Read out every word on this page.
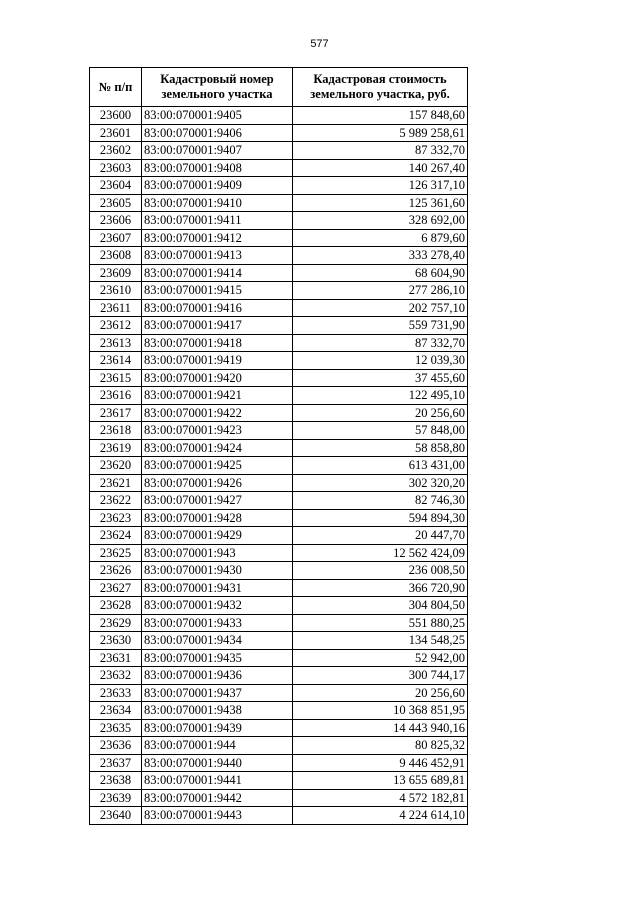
577
№ п/п	Кадастровый номер земельного участка	Кадастровая стоимость земельного участка, руб.
23600	83:00:070001:9405	157 848,60
23601	83:00:070001:9406	5 989 258,61
23602	83:00:070001:9407	87 332,70
23603	83:00:070001:9408	140 267,40
23604	83:00:070001:9409	126 317,10
23605	83:00:070001:9410	125 361,60
23606	83:00:070001:9411	328 692,00
23607	83:00:070001:9412	6 879,60
23608	83:00:070001:9413	333 278,40
23609	83:00:070001:9414	68 604,90
23610	83:00:070001:9415	277 286,10
23611	83:00:070001:9416	202 757,10
23612	83:00:070001:9417	559 731,90
23613	83:00:070001:9418	87 332,70
23614	83:00:070001:9419	12 039,30
23615	83:00:070001:9420	37 455,60
23616	83:00:070001:9421	122 495,10
23617	83:00:070001:9422	20 256,60
23618	83:00:070001:9423	57 848,00
23619	83:00:070001:9424	58 858,80
23620	83:00:070001:9425	613 431,00
23621	83:00:070001:9426	302 320,20
23622	83:00:070001:9427	82 746,30
23623	83:00:070001:9428	594 894,30
23624	83:00:070001:9429	20 447,70
23625	83:00:070001:943	12 562 424,09
23626	83:00:070001:9430	236 008,50
23627	83:00:070001:9431	366 720,90
23628	83:00:070001:9432	304 804,50
23629	83:00:070001:9433	551 880,25
23630	83:00:070001:9434	134 548,25
23631	83:00:070001:9435	52 942,00
23632	83:00:070001:9436	300 744,17
23633	83:00:070001:9437	20 256,60
23634	83:00:070001:9438	10 368 851,95
23635	83:00:070001:9439	14 443 940,16
23636	83:00:070001:944	80 825,32
23637	83:00:070001:9440	9 446 452,91
23638	83:00:070001:9441	13 655 689,81
23639	83:00:070001:9442	4 572 182,81
23640	83:00:070001:9443	4 224 614,10
